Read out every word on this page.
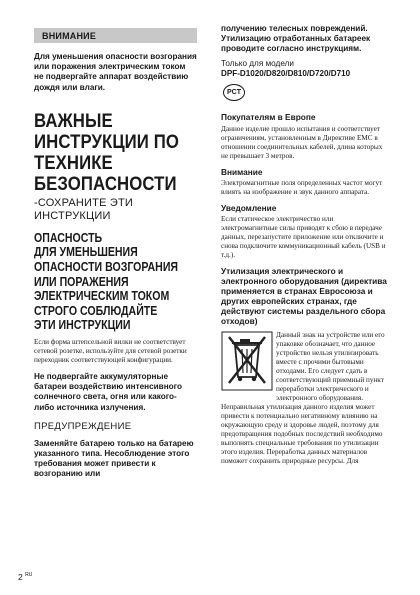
ВНИМАНИЕ

Для уменьшения опасности возгорания или поражения электрическим током не подвергайте аппарат воздействию дождя или влаги.

ВАЖНЫЕ

ИНСТРУКЦИИ ПО

ТЕХНИКЕ

БЕЗОПАСНОСТИ

-СОХРАНИТЕ ЭТИ ИНСТРУКЦИИ

ОПАСНОСТЬ

ДЛЯ УМЕНЬШЕНИЯ

ОПАСНОСТИ ВОЗГОРАНИЯ

ИЛИ ПОРАЖЕНИЯ

ЭЛЕКТРИЧЕСКИМ ТОКОМ

СТРОГО СОБЛЮДАЙТЕ

ЭТИ ИНСТРУКЦИИ

Если форма штепсельной вилки не соответствует сетевой розетке, используйте для сетевой розетки переходник соответствующей конфигурации.

Не подвергайте аккумуляторные батареи воздействию интенсивного солнечного света, огня или какого-либо источника излучения.

ПРЕДУПРЕЖДЕНИЕ

Заменяйте батарею только на батарею указанного типа. Несоблюдение этого требования может привести к возгоранию или

получению телесных повреждений. Утилизацию отработанных батареек проводите согласно инструкциям.

Только для модели

DPF-D1020/D820/D810/D720/D710

PCT

Покупателям в Европе

Данное изделие прошло испытания и соответствует ограничениям, установленным в Директиве EMC в отношении соединительных кабелей, длина которых не превышает 3 метров.

Внимание

Электромагнитные поля определенных частот могут влиять на изображение и звук данного аппарата.

Уведомление

Если статическое электричество или электромагнитные силы приводят к сбою в передаче данных, перезапустите приложение или отключите и снова подключите коммуникационный кабель (USB и т.д.).

Утилизация электрического и электронного оборудования (директива применяется в странах Евросоюза и других европейских странах, где действуют системы раздельного сбора отходов)

Данный знак на устройстве или его упаковке обозначает, что данное устройство нельзя утилизировать вместе с прочими бытовыми отходами. Его следует сдать в соответствующий приемный пункт переработки электрического и электронного оборудования.

Неправильная утилизация данного изделия может привести к потенциально негативному влиянию на окружающую среду и здоровье людей, поэтому для предотвращения подобных последствий необходимо выполнять специальные требования по утилизации этого изделия. Переработка данных материалов поможет сохранить природные ресурсы. Для

2 $^{RU}$
